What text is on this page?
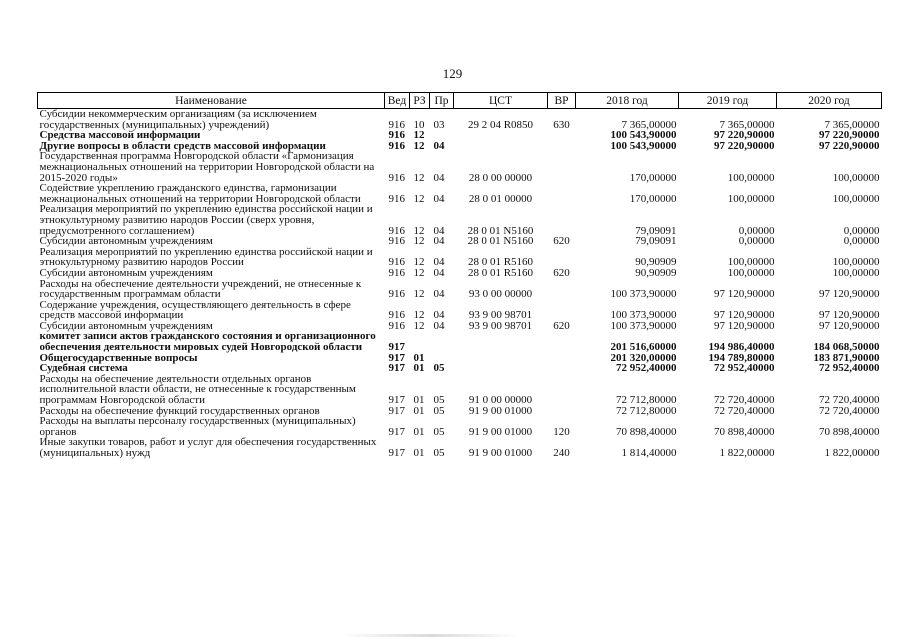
129
Наименование	Вед	РЗ	Пр	ЦСТ	ВР	2018 год	2019 год	2020 год
Субсидии некоммерческим организациям (за исключением государственных (муниципальных) учреждений)	916	10	03	29 2 04 R0850	630	7 365,00000	7 365,00000	7 365,00000
Средства массовой информации	916	12				100 543,90000	97 220,90000	97 220,90000
Другие вопросы в области средств массовой информации	916	12	04			100 543,90000	97 220,90000	97 220,90000
Государственная программа Новгородской области «Гармонизация межнациональных отношений на территории Новгородской области на 2015-2020 годы»	916	12	04	28 0 00 00000		170,00000	100,00000	100,00000
Содействие укреплению гражданского единства, гармонизации межнациональных отношений на территории Новгородской области	916	12	04	28 0 01 00000		170,00000	100,00000	100,00000
Реализация мероприятий по укреплению единства российской нации и этнокультурному развитию народов России (сверх уровня, предусмотренного соглашением)	916	12	04	28 0 01 N5160		79,09091	0,00000	0,00000
Субсидии автономным учреждениям	916	12	04	28 0 01 N5160	620	79,09091	0,00000	0,00000
Реализация мероприятий по укреплению единства российской нации и этнокультурному развитию народов России	916	12	04	28 0 01 R5160		90,90909	100,00000	100,00000
Субсидии автономным учреждениям	916	12	04	28 0 01 R5160	620	90,90909	100,00000	100,00000
Расходы на обеспечение деятельности учреждений, не отнесенные к государственным программам области	916	12	04	93 0 00 00000		100 373,90000	97 120,90000	97 120,90000
Содержание учреждения, осуществляющего деятельность в сфере средств массовой информации	916	12	04	93 9 00 98701		100 373,90000	97 120,90000	97 120,90000
Субсидии автономным учреждениям	916	12	04	93 9 00 98701	620	100 373,90000	97 120,90000	97 120,90000
комитет записи актов гражданского состояния и организационного обеспечения деятельности мировых судей Новгородской области	917					201 516,60000	194 986,40000	184 068,50000
Общегосударственные вопросы	917	01				201 320,00000	194 789,80000	183 871,90000
Судебная система	917	01	05			72 952,40000	72 952,40000	72 952,40000
Расходы на обеспечение деятельности отдельных органов исполнительной власти области, не отнесенные к государственным программам Новгородской области	917	01	05	91 0 00 00000		72 712,80000	72 720,40000	72 720,40000
Расходы на обеспечение функций государственных органов	917	01	05	91 9 00 01000		72 712,80000	72 720,40000	72 720,40000
Расходы на выплаты персоналу государственных (муниципальных) органов	917	01	05	91 9 00 01000	120	70 898,40000	70 898,40000	70 898,40000
Иные закупки товаров, работ и услуг для обеспечения государственных (муниципальных) нужд	917	01	05	91 9 00 01000	240	1 814,40000	1 822,00000	1 822,00000
